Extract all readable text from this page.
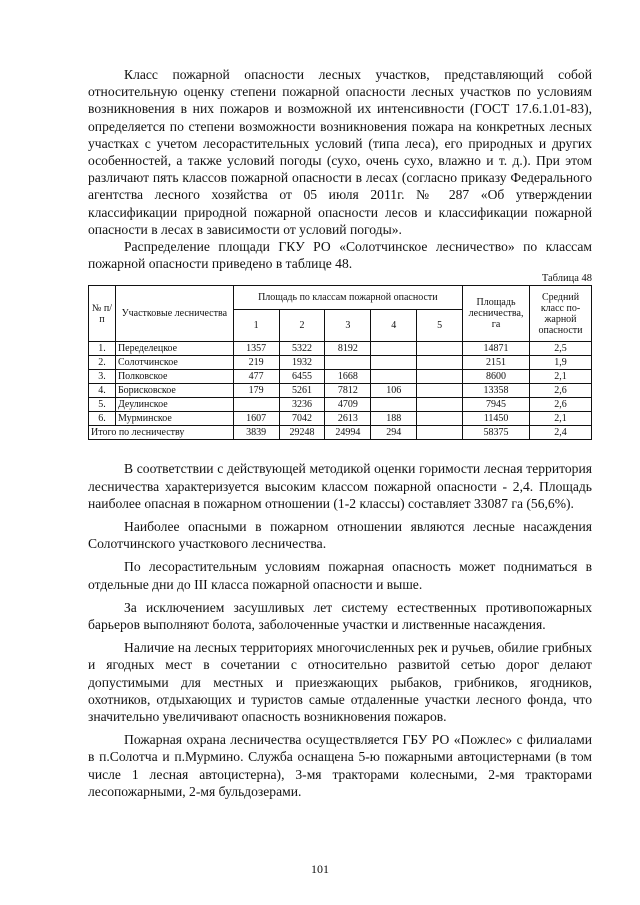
Класс пожарной опасности лесных участков, представляющий собой относительную оценку степени пожарной опасности лесных участков по условиям возникновения в них пожаров и возможной их интенсивности (ГОСТ 17.6.1.01-83), определяется по степени возможности возникновения пожара на конкретных лесных участках с учетом лесорастительных условий (типа леса), его природных и других особенностей, а также условий погоды (сухо, очень сухо, влажно и т. д.). При этом различают пять классов пожарной опасности в лесах (согласно приказу Федерального агентства лесного хозяйства от 05 июля 2011г. № 287 «Об утверждении классификации природной пожарной опасности лесов и классификации пожарной опасности в лесах в зависимости от условий погоды».

Распределение площади ГКУ РО «Солотчинское лесничество» по классам пожарной опасности приведено в таблице 48.

Таблица 48
№ п/п	Участковые лесничества	Площадь по классам пожарной опасности					Площадь лесничества, га	Средний класс по-жарной опасности
		1	2	3	4	5		
1.	Переделецкое	1357	5322	8192			14871	2,5
2.	Солотчинское	219	1932				2151	1,9
3.	Полковское	477	6455	1668			8600	2,1
4.	Борисковское	179	5261	7812	106		13358	2,6
5.	Деулинское		3236	4709			7945	2,6
6.	Мурминское	1607	7042	2613	188		11450	2,1
Итого по лесничеству		3839	29248	24994	294		58375	2,4

В соответствии с действующей методикой оценки горимости лесная территория лесничества характеризуется высоким классом пожарной опасности - 2,4. Площадь наиболее опасная в пожарном отношении (1-2 классы) составляет 33087 га (56,6%).

Наиболее опасными в пожарном отношении являются лесные насаждения Солотчинского участкового лесничества.

По лесорастительным условиям пожарная опасность может подниматься в отдельные дни до III класса пожарной опасности и выше.

За исключением засушливых лет систему естественных противопожарных барьеров выполняют болота, заболоченные участки и лиственные насаждения.

Наличие на лесных территориях многочисленных рек и ручьев, обилие грибных и ягодных мест в сочетании с относительно развитой сетью дорог делают допустимыми для местных и приезжающих рыбаков, грибников, ягодников, охотников, отдыхающих и туристов самые отдаленные участки лесного фонда, что значительно увеличивают опасность возникновения пожаров.

Пожарная охрана лесничества осуществляется ГБУ РО «Пожлес» с филиалами в п.Солотча и п.Мурмино. Служба оснащена 5-ю пожарными автоцистернами (в том числе 1 лесная автоцистерна), 3-мя тракторами колесными, 2-мя тракторами лесопожарными, 2-мя бульдозерами.

101
